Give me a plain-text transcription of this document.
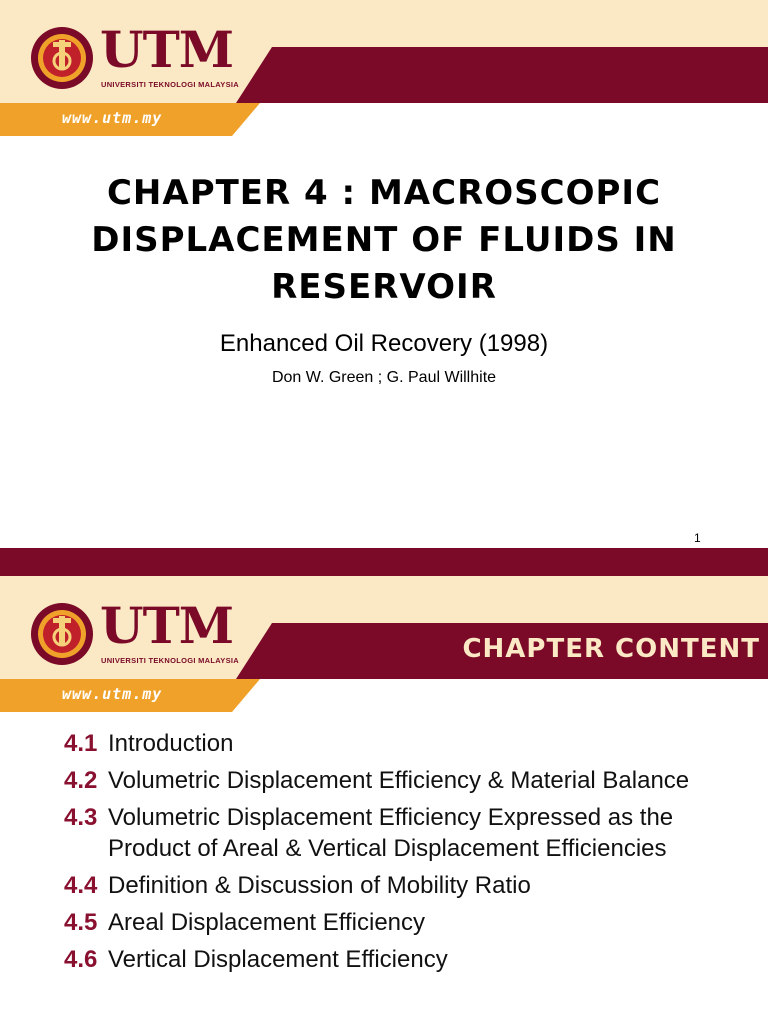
UTM
UNIVERSITI TEKNOLOGI MALAYSIA
www.utm.my
CHAPTER 4 : MACROSCOPIC DISPLACEMENT OF FLUIDS IN RESERVOIR
Enhanced Oil Recovery (1998)
Don W. Green ; G. Paul Willhite
1
UTM
UNIVERSITI TEKNOLOGI MALAYSIA
www.utm.my
CHAPTER CONTENT
4.1 Introduction
4.2 Volumetric Displacement Efficiency & Material Balance
4.3 Volumetric Displacement Efficiency Expressed as the Product of Areal & Vertical Displacement Efficiencies
4.4 Definition & Discussion of Mobility Ratio
4.5 Areal Displacement Efficiency
4.6 Vertical Displacement Efficiency
